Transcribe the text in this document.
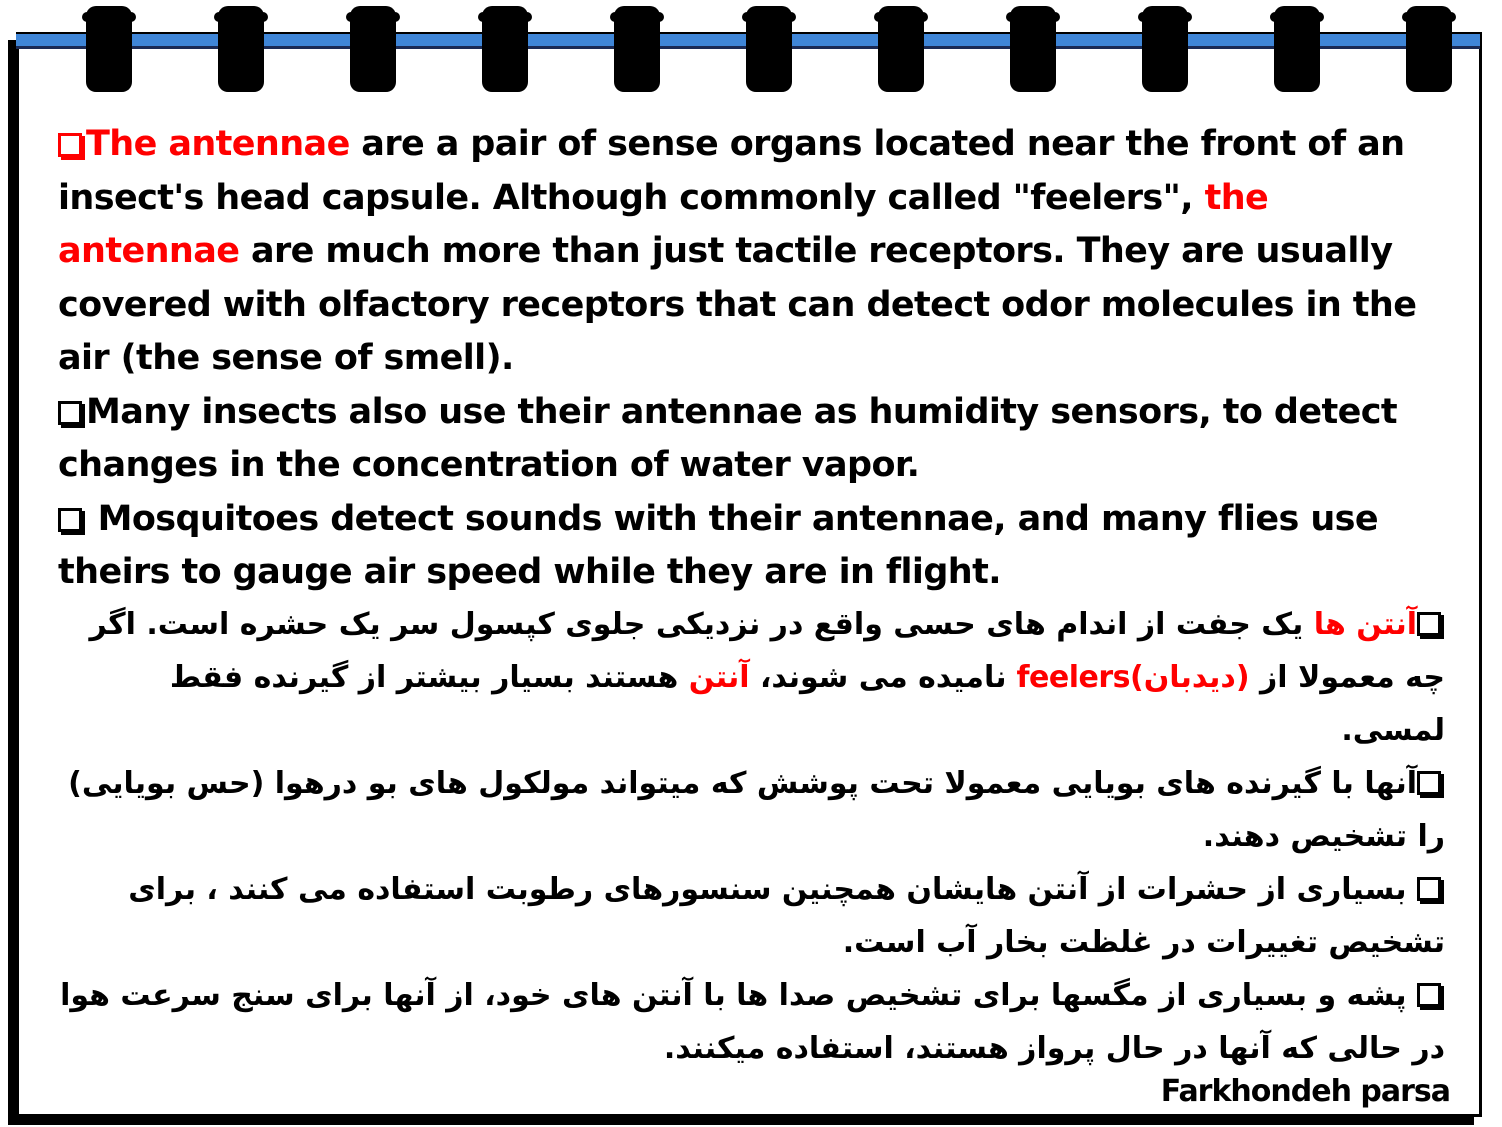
The antennae are a pair of sense organs located near the front of an insect's head capsule. Although commonly called "feelers", the antennae are much more than just tactile receptors. They are usually covered with olfactory receptors that can detect odor molecules in the air (the sense of smell).
Many insects also use their antennae as humidity sensors, to detect changes in the concentration of water vapor.
Mosquitoes detect sounds with their antennae, and many flies use theirs to gauge air speed while they are in flight.
آنتن ها یک جفت از اندام های حسی واقع در نزدیکی جلوی کپسول سر یک حشره است. اگر چه معمولا از (دیدبان)feelers نامیده می شوند، آنتن هستند بسیار بیشتر از گیرنده فقط لمسی.
آنها با گیرنده های بویایی معمولا تحت پوشش که میتواند مولکول های بو درهوا (حس بویایی) را تشخیص دهند.
بسیاری از حشرات از آنتن هایشان همچنین سنسورهای رطوبت استفاده می کنند ، برای تشخیص تغییرات در غلظت بخار آب است.
پشه و بسیاری از مگسها برای تشخیص صدا ها با آنتن های خود، از آنها برای سنج سرعت هوا در حالی که آنها در حال پرواز هستند، استفاده میکنند.
Farkhondeh parsa
